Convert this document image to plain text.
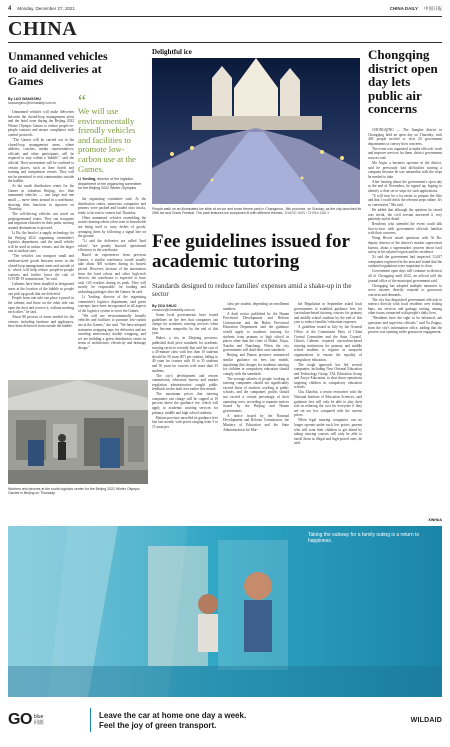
4 Monday, December 27, 2021	CHINA DAILY 中国日报
CHINA
Unmanned vehicles to aid deliveries at Games
By LUO WANGSHU
luowangshu@chinadaily.com.cn

Unmanned vehicles will make deliveries between the closed-loop management areas and the hotel zone during the Beijing 2022 Winter Olympic Games to reduce people-to-people contacts and ensure compliance with control protocols.

"The Games will be carried out in the closed-loop management areas, where athletes, coaches, media representatives, officials and other participants will be required to stay within a 'bubble'," said the official. Their movements will be confined to certain places, such as their hotels and training and competition venues. They will not be permitted to visit communities outside the bubble.

At the south distribution center for the Games in suburban Beijing, two blue unmanned vehicles — one large and one small — move items around in a warehouse, showing their functions to reporters on Thursday.

The self-driving vehicles can travel on preprogrammed routes. They can recognize and negotiate obstacles in their paths, moving around destinations to proceed.

Li Bo, the head of a supply technology for the Beijing 2022 organizing committee's logistics department, said the small vehicle will be used in indoor venues, and the larger one at outdoor sites.

"The vehicles can transport small and medium-sized goods between zones in the closed-loop management areas and outside of it, which will help reduce people-to-people contacts and further lower the risk of COVID-19 transmission," he said.

Cabinets have been installed at designated areas at the location of the bubble so people can pick up goods that are delivered.

People from one side can place a parcel in the cabinet, and those on the other side can open the door and receive it, without meeting each other," he said.

About 80 percent of items needed for the venues, including furniture and appliances, have been delivered from outside the bubble.

“
We will use environmentally friendly vehicles and facilities to promote low-carbon use at the Games.
Li Yonfing, director of the logistics department of the organizing committee for the Beijing 2022 Winter Olympics

the organizing committee said. At the distribution center, numerous companies and printers were packed and loaded onto trucks, ready to be sent to venues last Thursday.

Other unmanned vehicles resembling the round cleaning robots often seen in households are being used to carry dishes of goods, arranging them by following a signal line on the ground.

"Li said the deliveries are called 'hard robots', 'are greatly boosted operational efficiency in the warehouse.

Based on experiences from previous Games, a similar warehouse would usually take about 300 workers during its busiest period. However, because of the automation from the hard robots and other high-tech devices, the warehouse is expected to have only 120 workers during its peak. They will mostly be responsible for loading and unloading packages after the Games, he said.

Li Yonfing, director of the organizing committee's logistics department, said green concepts have been incorporated in all aspects of the logistics system to serve the Games.

"We will use environmentally friendly vehicles and facilities to promote low-carbon use at the Games," she said. "We have adopted statement wrapping tape for deliveries and are avoiding unnecessary double wrapping, and we are building a green distribution center in terms of architecture, electricity and drainage design."

Workers test devices at the south logistics center for the Beijing 2022 Winter Olympic Games in Beijing on Thursday.
Delightful ice
People walk on an illuminated ice slide at an ice and snow theme park in Changchun, Jilin province, on Sunday, as the city launched its 25th Ice and Snow Festival. The park features ice sculptures lit with different themes. ZHANG NAN / CHINA DAILY
Fee guidelines issued for academic tutoring
Standards designed to reduce families' expenses amid a shake-up in the sector
By ZOU SHUO
zoushuo@chinadaily.com.cn

Some local governments have issued guidelines on the fees that companies can charge for academic tutoring services when they become nonprofits by the end of this year.

Hubei, a city in Zhejiang province, published draft price standards for academic tutoring services recently that said the cost of a 45-minute class with less than 10 students should be 50 yuan ($7) per student, falling to 40 yuan for courses with 10 to 35 students and 30 yuan for courses with more than 35 students.

The city's development and reform commission, education bureau and market regulation administration sought public feedback on the draft fees earlier this month.

The maximum prices that tutoring companies can charge will be capped at 10 percent above the guidance fee, which will apply to academic tutoring services for primary, middle and high school students.

Hainan province unveiled its guidance fees late last month, with prices ranging from 5 to 15 yuan per

class per student, depending on enrollment numbers.

A draft notice published by the Hunan Provincial Development and Reform Commission and the Hubei Provincial Education Department said the guidance would apply to academic tutoring for students from primary to high school in places other than the cities of Hubei, Xiayu, Xiaohu and Nanchang. When the city governments will draft their own standards.

Beijing and Hunan province announced similar guidance on fees last month, stipulating that charges for academic tutoring for children in compulsory education should comply with the standards.

The average salaries of people working at tutoring companies should not significantly exceed those of teachers working at public schools, and the companies' profits should not exceed a certain percentage of their operating costs, according to separate notices issued by the Beijing and Hunan governments.

A notice issued by the National Development and Reform Commission, the Ministry of Education and the State Administration for Mar-

ket Regulation in September asked local governments to establish guidance fees for curriculum-based tutoring courses for primary and middle school students by the end of this year to reduce families' education expenses.

A guideline issued in July by the General Office of the Communist Party of China Central Committee and the State Council, China's Cabinet, required curriculum-based tutoring institutions for primary and middle school students to register as nonprofit organizations to ensure the equality of compulsory education.

The tough approach has led several companies, including New Oriental Education and Technology Group, TAL Education Group and Zuoye Education, to shut down operations targeting children in compulsory education schools.

Chu Zhaohui, a senior researcher with the National Institute of Education Sciences, said guidance fees will only be able to play their role in reducing the cost for everyone if they are set too low compared with the current prices.

When legal tutoring companies can no longer operate under such low prices, parents who still want their children to get ahead by taking tutoring courses will only be able to enroll them in illegal and high-priced ones, he said.

Chongqing district open day lets public air concerns

CHONGQING — The Jiangbei district in Chongqing held an open day on Thursday, with 400 people invited to visit 20 government departments to convey their concerns.

The event was organized to make officials' work and improve services for them, district government sources said.

Ma Aiqin, a business operator in the district, said he previously had difficulties starting a company because he was unfamiliar with the steps he needed to take.

After hearing about the government's open day at the end of November, he signed up, hoping to identify a clear set of steps for such applications.

"It will now be a lot easier to prepare the files and that I could check the relevant steps online. It's so convenient," Ma said.

He added that although the question he raised was trivial, the civil servant answered it very patiently and in detail.

Residents who attended the event could talk face-to-face with government officials familiar with their concerns.

Wang Hewei raised questions with Xi Bo, deputy director of the district's market supervision bureau, about a supermarket concern about food safety in his salaried region and his residence.

Xi said the government had inspected 13,637 companies registered in the area and found that the outdated regulations were important to close.

Government open days will continue in districts all of Chongqing until 2022, an official told the journal office of the municipal government said.

Chongqing has adopted multiple measures to serve citizens directly respond to grassroots concerns and demands.

The city has dispatched government officials to interact directly with local residents over fishing bans, tax services and garbage sorting, among other issues connected with people's daily lives.

"Residents have the right to be informed, ask questions and supervise officials," said Yu Zaiguo, from the city's information office, adding that the process was opening wider grassroots engagement.

XINHUA
Taking the subway for a family outing is a return to happiness.
GO blue
同蓝
Leave the car at home one day a week.
Feel the joy of green transport.
WILDAID
